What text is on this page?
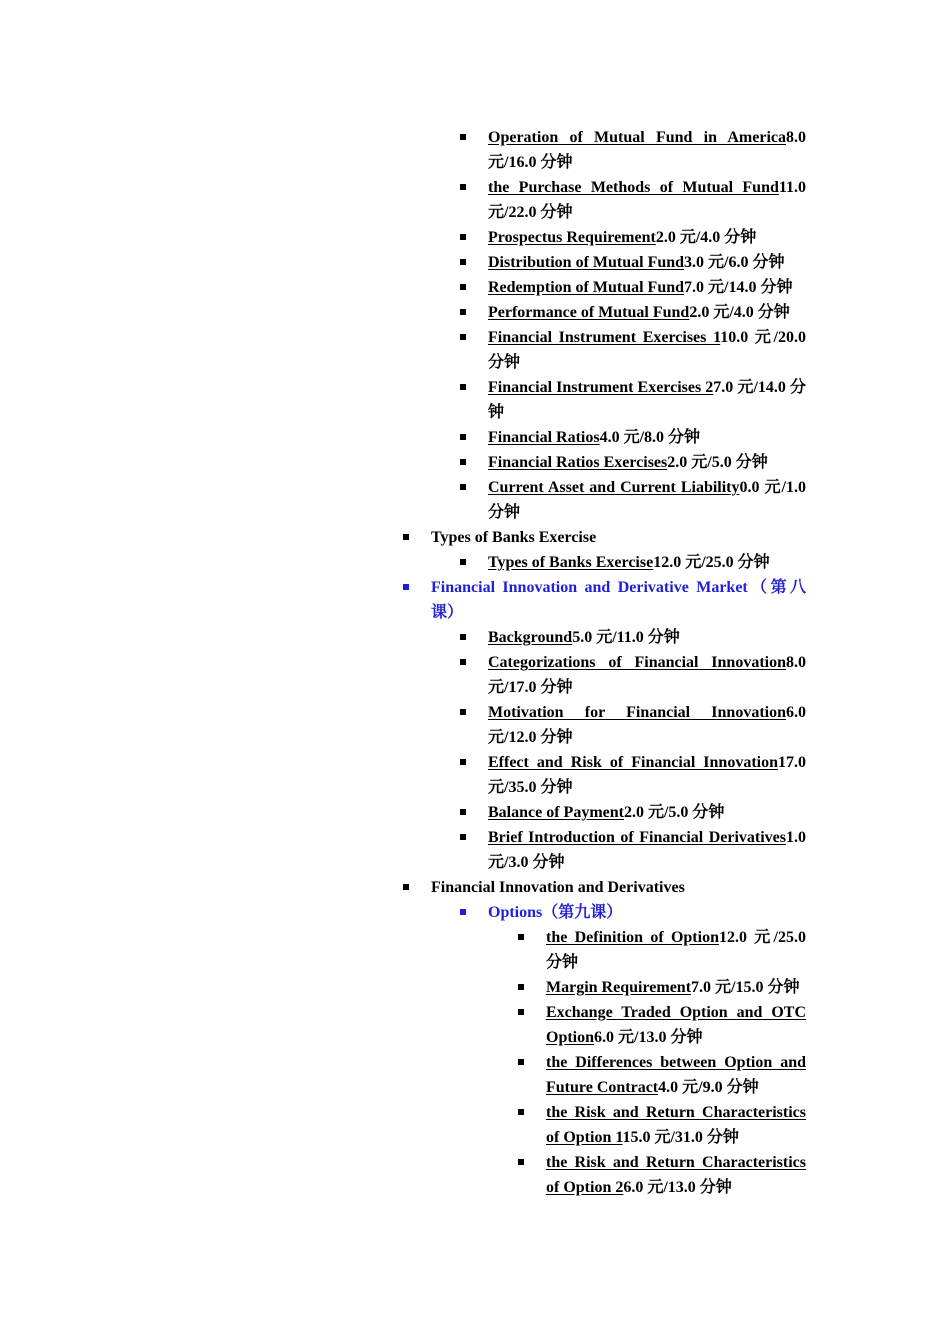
Operation of Mutual Fund in America8.0 元/16.0 分钟
the Purchase Methods of Mutual Fund11.0 元/22.0 分钟
Prospectus Requirement2.0 元/4.0 分钟
Distribution of Mutual Fund3.0 元/6.0 分钟
Redemption of Mutual Fund7.0 元/14.0 分钟
Performance of Mutual Fund2.0 元/4.0 分钟
Financial Instrument Exercises 110.0 元/20.0 分钟
Financial Instrument Exercises 27.0 元/14.0 分钟
Financial Ratios4.0 元/8.0 分钟
Financial Ratios Exercises2.0 元/5.0 分钟
Current Asset and Current Liability0.0 元/1.0 分钟
Types of Banks Exercise
Types of Banks Exercise12.0 元/25.0 分钟
Financial Innovation and Derivative Market（第八课）
Background5.0 元/11.0 分钟
Categorizations of Financial Innovation8.0 元/17.0 分钟
Motivation for Financial Innovation6.0 元/12.0 分钟
Effect and Risk of Financial Innovation17.0 元/35.0 分钟
Balance of Payment2.0 元/5.0 分钟
Brief Introduction of Financial Derivatives1.0 元/3.0 分钟
Financial Innovation and Derivatives
Options（第九课）
the Definition of Option12.0 元/25.0 分钟
Margin Requirement7.0 元/15.0 分钟
Exchange Traded Option and OTC Option6.0 元/13.0 分钟
the Differences between Option and Future Contract4.0 元/9.0 分钟
the Risk and Return Characteristics of Option 115.0 元/31.0 分钟
the Risk and Return Characteristics of Option 26.0 元/13.0 分钟
